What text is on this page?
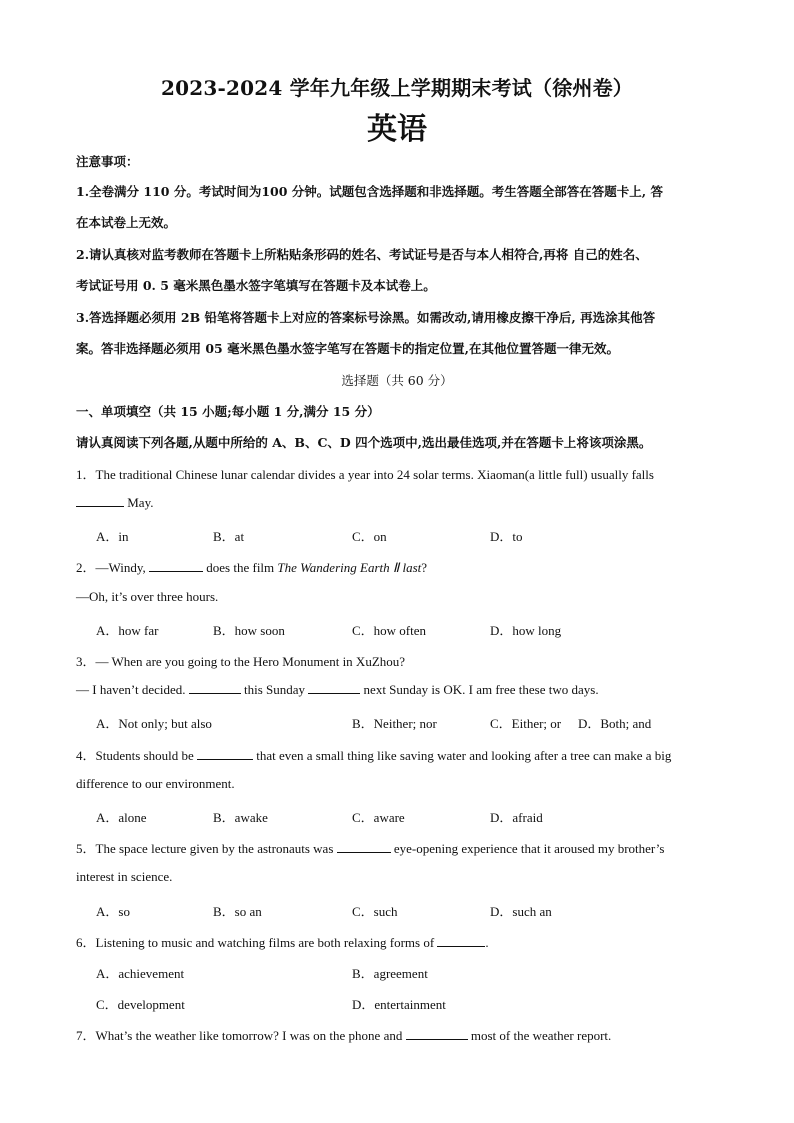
2023-2024 学年九年级上学期期末考试（徐州卷）
英语
注意事项：
1.全卷满分 110 分。考试时间为100 分钟。试题包含选择题和非选择题。考生答题全部答在答题卡上, 答
在本试卷上无效。
2.请认真核对监考教师在答题卡上所粘贴条形码的姓名、考试证号是否与本人相符合,再将 自己的姓名、
考试证号用 0. 5 毫米黑色墨水签字笔填写在答题卡及本试卷上。
3.答选择题必须用 2B 铅笔将答题卡上对应的答案标号涂黑。如需改动,请用橡皮擦干净后, 再选涂其他答
案。答非选择题必须用 05 毫米黑色墨水签字笔写在答题卡的指定位置,在其他位置答题一律无效。
选择题（共 60 分）
一、单项填空（共 15 小题;每小题 1 分,满分 15 分）
请认真阅读下列各题,从题中所给的 A、B、C、D 四个选项中,选出最佳选项,并在答题卡上将该项涂黑。
1．The traditional Chinese lunar calendar divides a year into 24 solar terms. Xiaoman(a little full) usually falls
May.
A．in	B．at	C．on	D．to
2．—Windy,	does the film The Wandering Earth Ⅱ last?
—Oh, it’s over three hours.
A．how far	B．how soon	C．how often	D．how long
3．— When are you going to the Hero Monument in XuZhou?
— I haven’t decided.	this Sunday	next Sunday is OK. I am free these two days.
A．Not only; but also	B．Neither; nor	C．Either; or D．Both; and
4．Students should be	that even a small thing like saving water and looking after a tree can make a big
difference to our environment.
A．alone	B．awake	C．aware	D．afraid
5．The space lecture given by the astronauts was	eye-opening experience that it aroused my brother’s
interest in science.
A．so	B．so an	C．such	D．such an
6．Listening to music and watching films are both relaxing forms of	.
A．achievement	B．agreement
C．development	D．entertainment
7．What’s the weather like tomorrow? I was on the phone and	most of the weather report.
